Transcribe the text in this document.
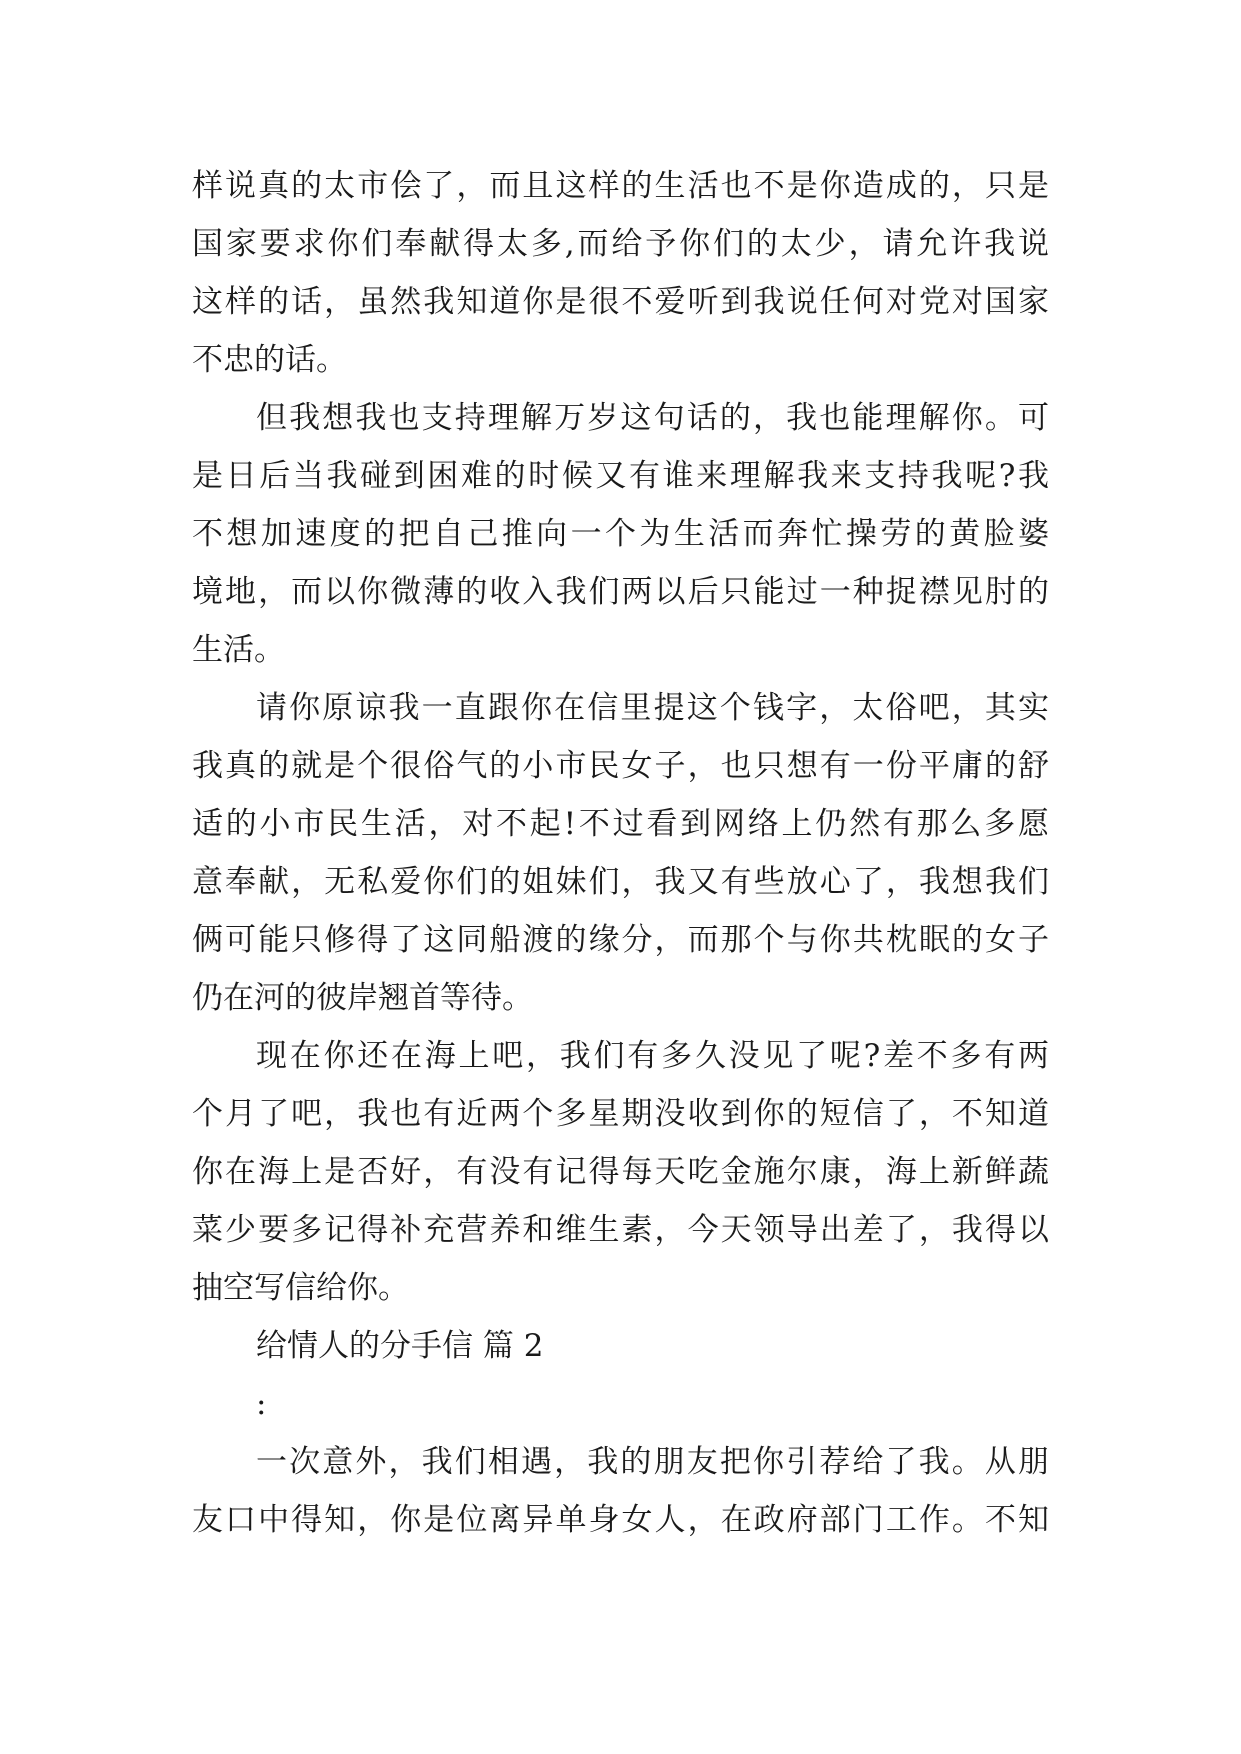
样说真的太市侩了，而且这样的生活也不是你造成的，只是
国家要求你们奉献得太多,而给予你们的太少，请允许我说
这样的话，虽然我知道你是很不爱听到我说任何对党对国家
不忠的话。
但我想我也支持理解万岁这句话的，我也能理解你。可
是日后当我碰到困难的时候又有谁来理解我来支持我呢?我
不想加速度的把自己推向一个为生活而奔忙操劳的黄脸婆
境地，而以你微薄的收入我们两以后只能过一种捉襟见肘的
生活。
请你原谅我一直跟你在信里提这个钱字，太俗吧，其实
我真的就是个很俗气的小市民女子，也只想有一份平庸的舒
适的小市民生活，对不起!不过看到网络上仍然有那么多愿
意奉献，无私爱你们的姐妹们，我又有些放心了，我想我们
俩可能只修得了这同船渡的缘分，而那个与你共枕眠的女子
仍在河的彼岸翘首等待。
现在你还在海上吧，我们有多久没见了呢?差不多有两
个月了吧，我也有近两个多星期没收到你的短信了，不知道
你在海上是否好，有没有记得每天吃金施尔康，海上新鲜蔬
菜少要多记得补充营养和维生素，今天领导出差了，我得以
抽空写信给你。
给情人的分手信 篇 2
:
一次意外，我们相遇，我的朋友把你引荐给了我。从朋
友口中得知，你是位离异单身女人，在政府部门工作。不知
